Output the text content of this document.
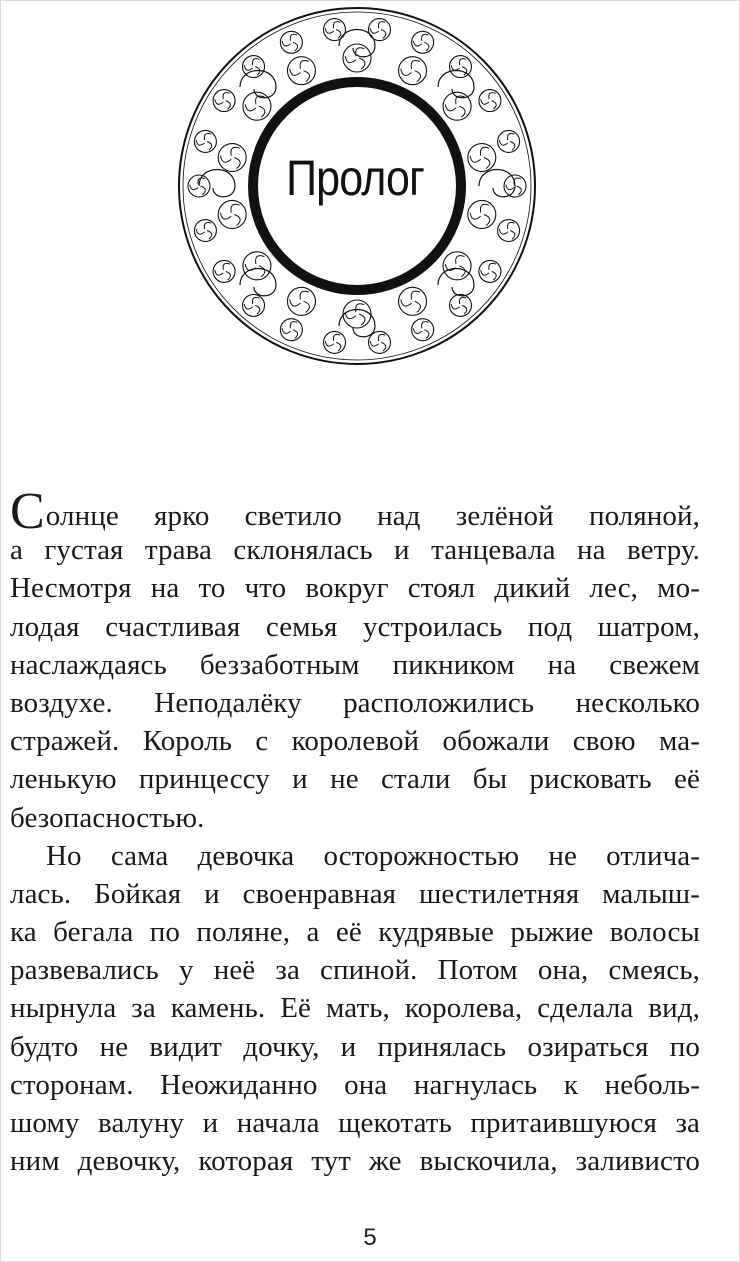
Пролог
Солнце ярко светило над зелёной поляной,
а густая трава склонялась и танцевала на ветру.
Несмотря на то что вокруг стоял дикий лес, мо-
лодая счастливая семья устроилась под шатром,
наслаждаясь беззаботным пикником на свежем
воздухе. Неподалёку расположились несколько
стражей. Король с королевой обожали свою ма-
ленькую принцессу и не стали бы рисковать её
безопасностью.
Но сама девочка осторожностью не отлича-
лась. Бойкая и своенравная шестилетняя малыш-
ка бегала по поляне, а её кудрявые рыжие волосы
развевались у неё за спиной. Потом она, смеясь,
нырнула за камень. Её мать, королева, сделала вид,
будто не видит дочку, и принялась озираться по
сторонам. Неожиданно она нагнулась к неболь-
шому валуну и начала щекотать притаившуюся за
ним девочку, которая тут же выскочила, заливисто
5
